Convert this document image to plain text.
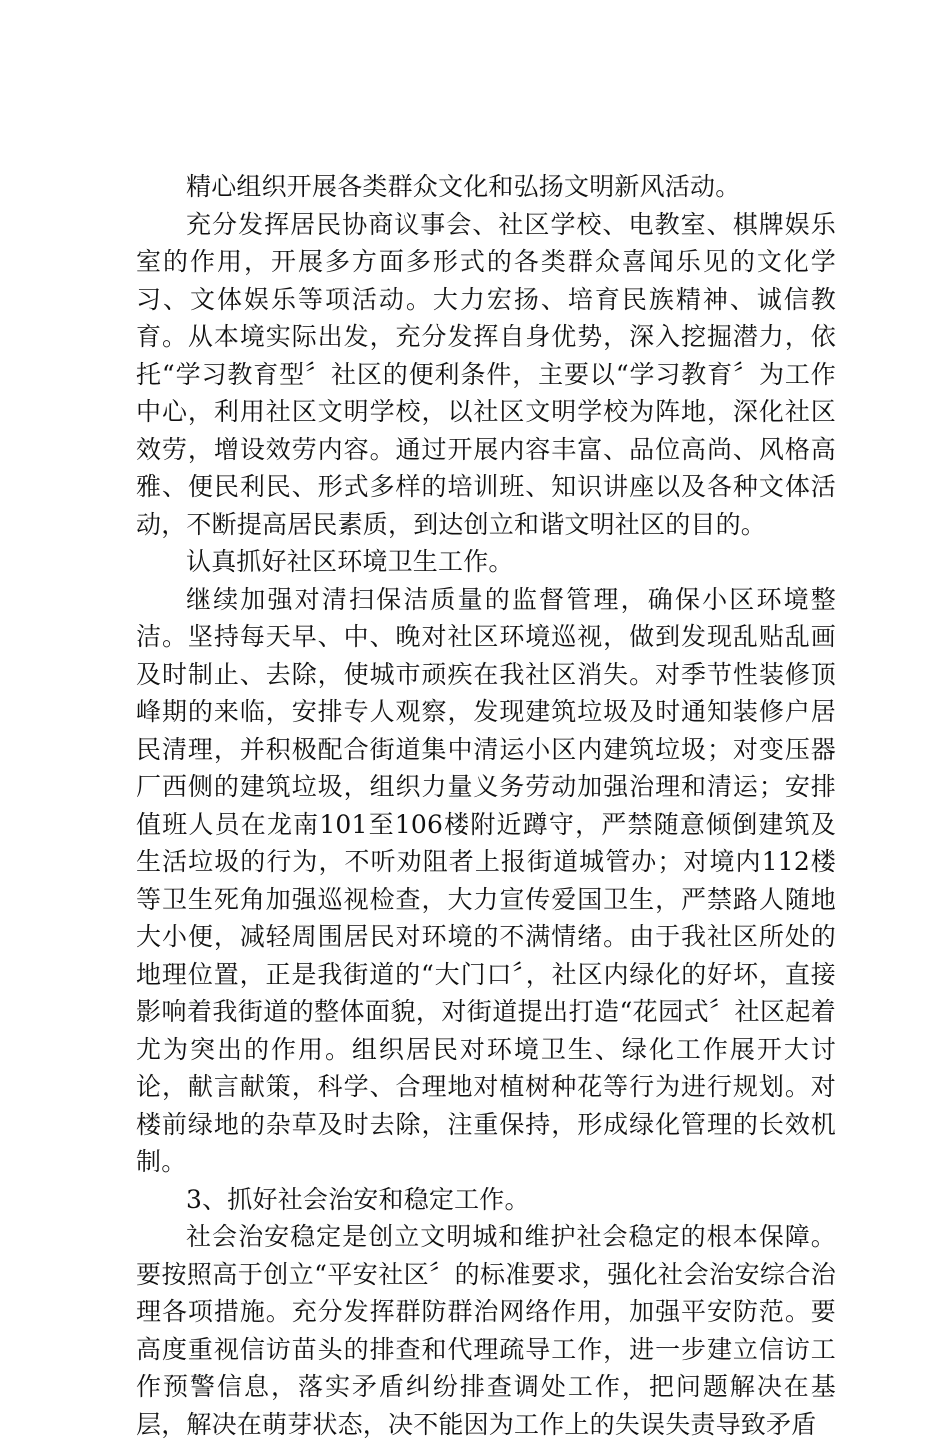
精心组织开展各类群众文化和弘扬文明新风活动。

充分发挥居民协商议事会、社区学校、电教室、棋牌娱乐室的作用，开展多方面多形式的各类群众喜闻乐见的文化学习、文体娱乐等项活动。大力宏扬、培育民族精神、诚信教育。从本境实际出发，充分发挥自身优势，深入挖掘潜力，依托“学习教育型〞社区的便利条件，主要以“学习教育〞为工作中心，利用社区文明学校，以社区文明学校为阵地，深化社区效劳，增设效劳内容。通过开展内容丰富、品位高尚、风格高雅、便民利民、形式多样的培训班、知识讲座以及各种文体活动，不断提高居民素质，到达创立和谐文明社区的目的。

认真抓好社区环境卫生工作。

继续加强对清扫保洁质量的监督管理，确保小区环境整洁。坚持每天早、中、晚对社区环境巡视，做到发现乱贴乱画及时制止、去除，使城市顽疾在我社区消失。对季节性装修顶峰期的来临，安排专人观察，发现建筑垃圾及时通知装修户居民清理，并积极配合街道集中清运小区内建筑垃圾；对变压器厂西侧的建筑垃圾，组织力量义务劳动加强治理和清运；安排值班人员在龙南101至106楼附近蹲守，严禁随意倾倒建筑及生活垃圾的行为，不听劝阻者上报街道城管办；对境内112楼等卫生死角加强巡视检查，大力宣传爱国卫生，严禁路人随地大小便，减轻周围居民对环境的不满情绪。由于我社区所处的地理位置，正是我街道的“大门口〞，社区内绿化的好坏，直接影响着我街道的整体面貌，对街道提出打造“花园式〞社区起着尤为突出的作用。组织居民对环境卫生、绿化工作展开大讨论，献言献策，科学、合理地对植树种花等行为进行规划。对楼前绿地的杂草及时去除，注重保持，形成绿化管理的长效机制。

3、抓好社会治安和稳定工作。

社会治安稳定是创立文明城和维护社会稳定的根本保障。要按照高于创立“平安社区〞的标准要求，强化社会治安综合治理各项措施。充分发挥群防群治网络作用，加强平安防范。要高度重视信访苗头的排查和代理疏导工作，进一步建立信访工作预警信息，落实矛盾纠纷排查调处工作，把问题解决在基层，解决在萌芽状态，决不能因为工作上的失误失责导致矛盾
